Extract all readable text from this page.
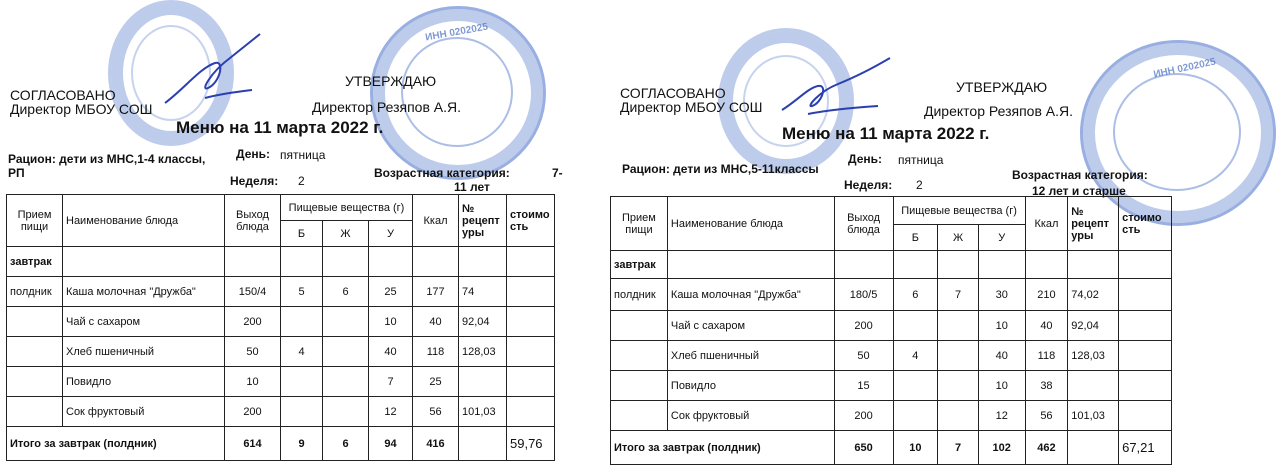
ИНН 0202025
СОГЛАСОВАНО
Директор МБОУ СОШ
УТВЕРЖДАЮ
Директор Резяпов А.Я.
Меню на 11 марта 2022 г.
Рацион: дети из МНС,1-4 классы,
РП
День: пятница
Неделя: 2
Возрастная категория:	7-
11 лет
Прием пищи	Наименование блюда	Выход блюда	Пищевые вещества (г)			Ккал	№ рецепт уры	стоимо сть
			Б	Ж	У			
завтрак								
полдник	Каша молочная "Дружба"	150/4	5	6	25	177	74	
	Чай с сахаром	200			10	40	92,04	
	Хлеб пшеничный	50	4		40	118	128,03	
	Повидло	10			7	25		
	Сок фруктовый	200			12	56	101,03	
Итого за завтрак (полдник)		614	9	6	94	416		59,76
ИНН 0202025
СОГЛАСОВАНО
Директор МБОУ СОШ
УТВЕРЖДАЮ
Директор Резяпов А.Я.
Меню на 11 марта 2022 г.
Рацион: дети из МНС,5-11классы
День: пятница
Неделя: 2
Возрастная категория:
12 лет и старше
Прием пищи	Наименование блюда	Выход блюда	Пищевые вещества (г)			Ккал	№ рецепт уры	стоимо сть
			Б	Ж	У			
завтрак								
полдник	Каша молочная "Дружба"	180/5	6	7	30	210	74,02	
	Чай с сахаром	200			10	40	92,04	
	Хлеб пшеничный	50	4		40	118	128,03	
	Повидло	15			10	38		
	Сок фруктовый	200			12	56	101,03	
Итого за завтрак (полдник)		650	10	7	102	462		67,21
